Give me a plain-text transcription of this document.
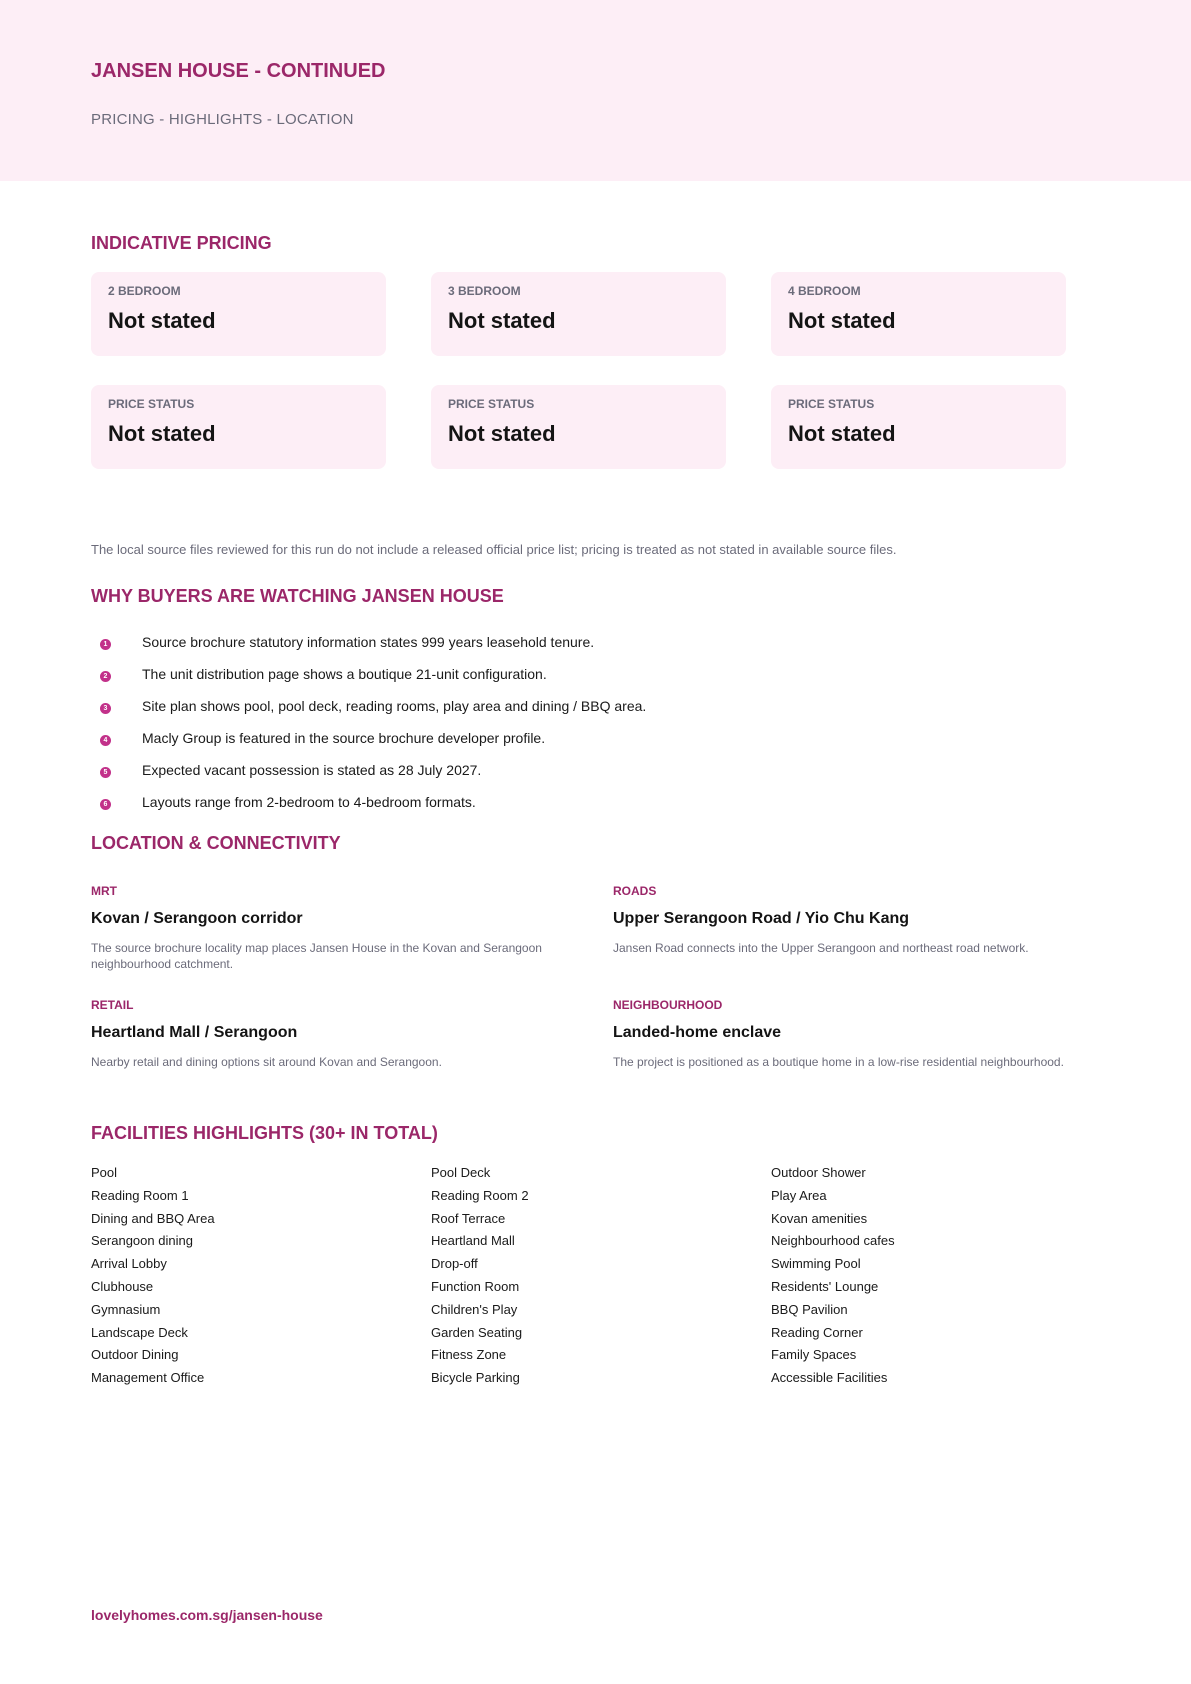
JANSEN HOUSE - CONTINUED
PRICING - HIGHLIGHTS - LOCATION
INDICATIVE PRICING
2 BEDROOM
Not stated
3 BEDROOM
Not stated
4 BEDROOM
Not stated
PRICE STATUS
Not stated
PRICE STATUS
Not stated
PRICE STATUS
Not stated
The local source files reviewed for this run do not include a released official price list; pricing is treated as not stated in available source files.
WHY BUYERS ARE WATCHING JANSEN HOUSE
1 Source brochure statutory information states 999 years leasehold tenure.
2 The unit distribution page shows a boutique 21-unit configuration.
3 Site plan shows pool, pool deck, reading rooms, play area and dining / BBQ area.
4 Macly Group is featured in the source brochure developer profile.
5 Expected vacant possession is stated as 28 July 2027.
6 Layouts range from 2-bedroom to 4-bedroom formats.
LOCATION & CONNECTIVITY
MRT
Kovan / Serangoon corridor
The source brochure locality map places Jansen House in the Kovan and Serangoon neighbourhood catchment.
ROADS
Upper Serangoon Road / Yio Chu Kang
Jansen Road connects into the Upper Serangoon and northeast road network.
RETAIL
Heartland Mall / Serangoon
Nearby retail and dining options sit around Kovan and Serangoon.
NEIGHBOURHOOD
Landed-home enclave
The project is positioned as a boutique home in a low-rise residential neighbourhood.
FACILITIES HIGHLIGHTS (30+ IN TOTAL)
Pool
Reading Room 1
Dining and BBQ Area
Serangoon dining
Arrival Lobby
Clubhouse
Gymnasium
Landscape Deck
Outdoor Dining
Management Office
Pool Deck
Reading Room 2
Roof Terrace
Heartland Mall
Drop-off
Function Room
Children's Play
Garden Seating
Fitness Zone
Bicycle Parking
Outdoor Shower
Play Area
Kovan amenities
Neighbourhood cafes
Swimming Pool
Residents' Lounge
BBQ Pavilion
Reading Corner
Family Spaces
Accessible Facilities
lovelyhomes.com.sg/jansen-house
